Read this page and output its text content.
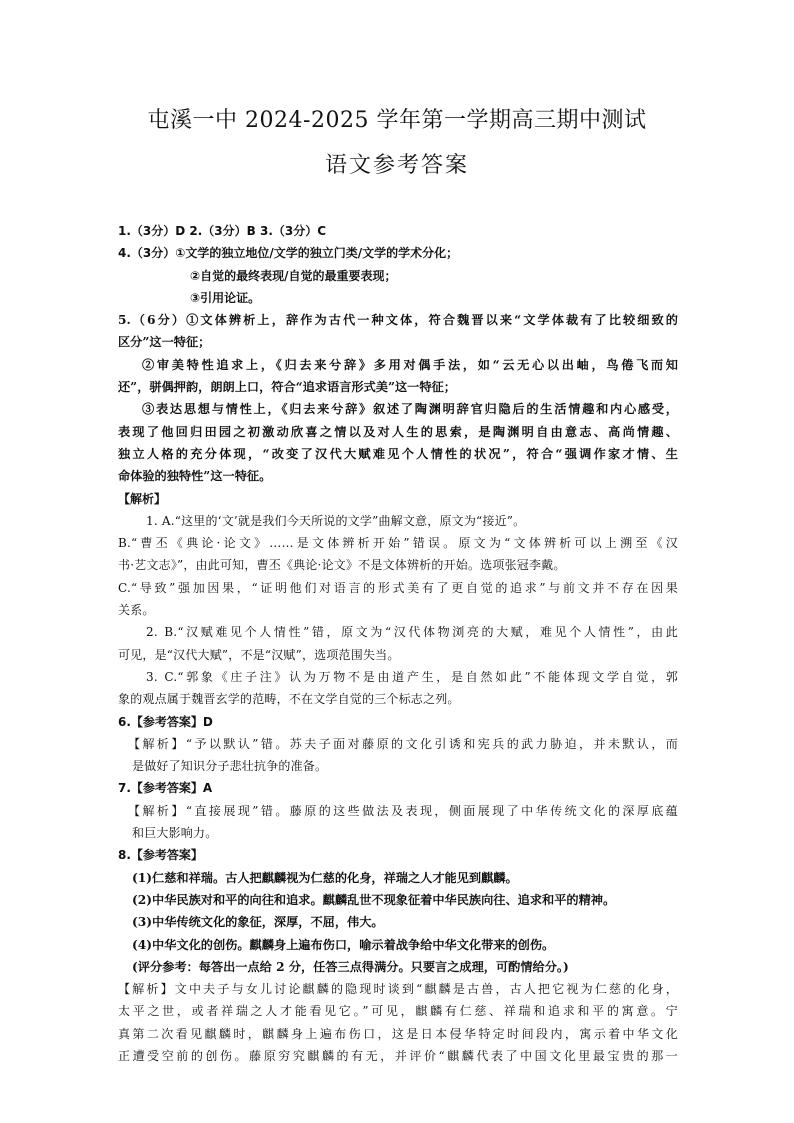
屯溪一中 2024-2025 学年第一学期高三期中测试
语文参考答案
1.（3分）D 2.（3分）B 3.（3分）C
4.（3分）①文学的独立地位/文学的独立门类/文学的学术分化；
②自觉的最终表现/自觉的最重要表现；
③引用论证。
5.（6分）①文体辨析上，辞作为古代一种文体，符合魏晋以来“文学体裁有了比较细致的
区分”这一特征；
②审美特性追求上，《归去来兮辞》多用对偶手法，如“云无心以出岫，鸟倦飞而知
还”，骈偶押韵，朗朗上口，符合“追求语言形式美”这一特征；
③表达思想与情性上，《归去来兮辞》叙述了陶渊明辞官归隐后的生活情趣和内心感受，
表现了他回归田园之初激动欣喜之情以及对人生的思索，是陶渊明自由意志、高尚情趣、
独立人格的充分体现，“改变了汉代大赋难见个人情性的状况”，符合“强调作家才情、生
命体验的独特性”这一特征。
【解析】
1. A.“这里的‘文’就是我们今天所说的文学”曲解文意，原文为“接近”。
B.“曹丕《典论·论文》……是文体辨析开始”错误。原文为“文体辨析可以上溯至《汉
书·艺文志》”，由此可知，曹丕《典论·论文》不是文体辨析的开始。选项张冠李戴。
C.“导致”强加因果，“证明他们对语言的形式美有了更自觉的追求”与前文并不存在因果
关系。
2. B.“汉赋难见个人情性”错，原文为“汉代体物浏亮的大赋，难见个人情性”，由此
可见，是“汉代大赋”，不是“汉赋”，选项范围失当。
3. C.“郭象《庄子注》认为万物不是由道产生，是自然如此”不能体现文学自觉，郭
象的观点属于魏晋玄学的范畴，不在文学自觉的三个标志之列。
6.【参考答案】D
【解析】“予以默认”错。苏夫子面对藤原的文化引诱和宪兵的武力胁迫，并未默认，而
是做好了知识分子悲壮抗争的准备。
7.【参考答案】A
【解析】“直接展现”错。藤原的这些做法及表现，侧面展现了中华传统文化的深厚底蕴
和巨大影响力。
8.【参考答案】
(1)仁慈和祥瑞。古人把麒麟视为仁慈的化身，祥瑞之人才能见到麒麟。
(2)中华民族对和平的向往和追求。麒麟乱世不现象征着中华民族向往、追求和平的精神。
(3)中华传统文化的象征，深厚，不屈，伟大。
(4)中华文化的创伤。麒麟身上遍布伤口，喻示着战争给中华文化带来的创伤。
(评分参考：每答出一点给 2 分，任答三点得满分。只要言之成理，可酌情给分。)
【解析】文中夫子与女儿讨论麒麟的隐现时谈到“麒麟是古兽，古人把它视为仁慈的化身，
太平之世，或者祥瑞之人才能看见它。”可见，麒麟有仁慈、祥瑞和追求和平的寓意。宁
真第二次看见麒麟时，麒麟身上遍布伤口，这是日本侵华特定时间段内，寓示着中华文化
正遭受空前的创伤。藤原穷究麒麟的有无，并评价“麒麟代表了中国文化里最宝贵的那一
